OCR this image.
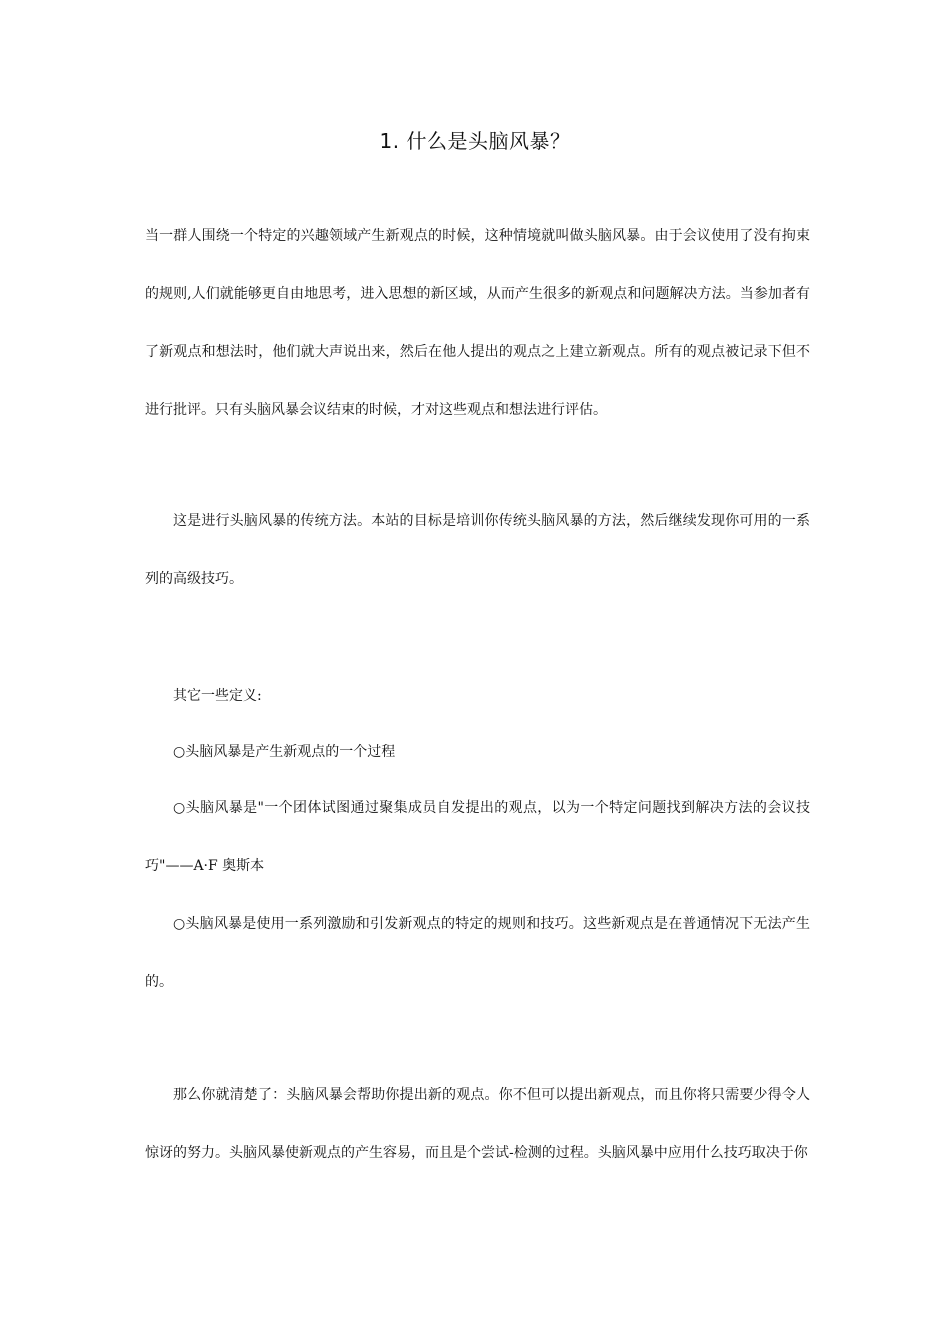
1. 什么是头脑风暴？
当一群人围绕一个特定的兴趣领域产生新观点的时候，这种情境就叫做头脑风暴。由于会议使用了没有拘束的规则,人们就能够更自由地思考，进入思想的新区域，从而产生很多的新观点和问题解决方法。当参加者有了新观点和想法时，他们就大声说出来，然后在他人提出的观点之上建立新观点。所有的观点被记录下但不进行批评。只有头脑风暴会议结束的时候，才对这些观点和想法进行评估。
这是进行头脑风暴的传统方法。本站的目标是培训你传统头脑风暴的方法，然后继续发现你可用的一系列的高级技巧。
其它一些定义:
○头脑风暴是产生新观点的一个过程
○头脑风暴是"一个团体试图通过聚集成员自发提出的观点，以为一个特定问题找到解决方法的会议技巧"——A·F 奥斯本
○头脑风暴是使用一系列激励和引发新观点的特定的规则和技巧。这些新观点是在普通情况下无法产生的。
那么你就清楚了：头脑风暴会帮助你提出新的观点。你不但可以提出新观点，而且你将只需要少得令人惊讶的努力。头脑风暴使新观点的产生容易，而且是个尝试-检测的过程。头脑风暴中应用什么技巧取决于你
